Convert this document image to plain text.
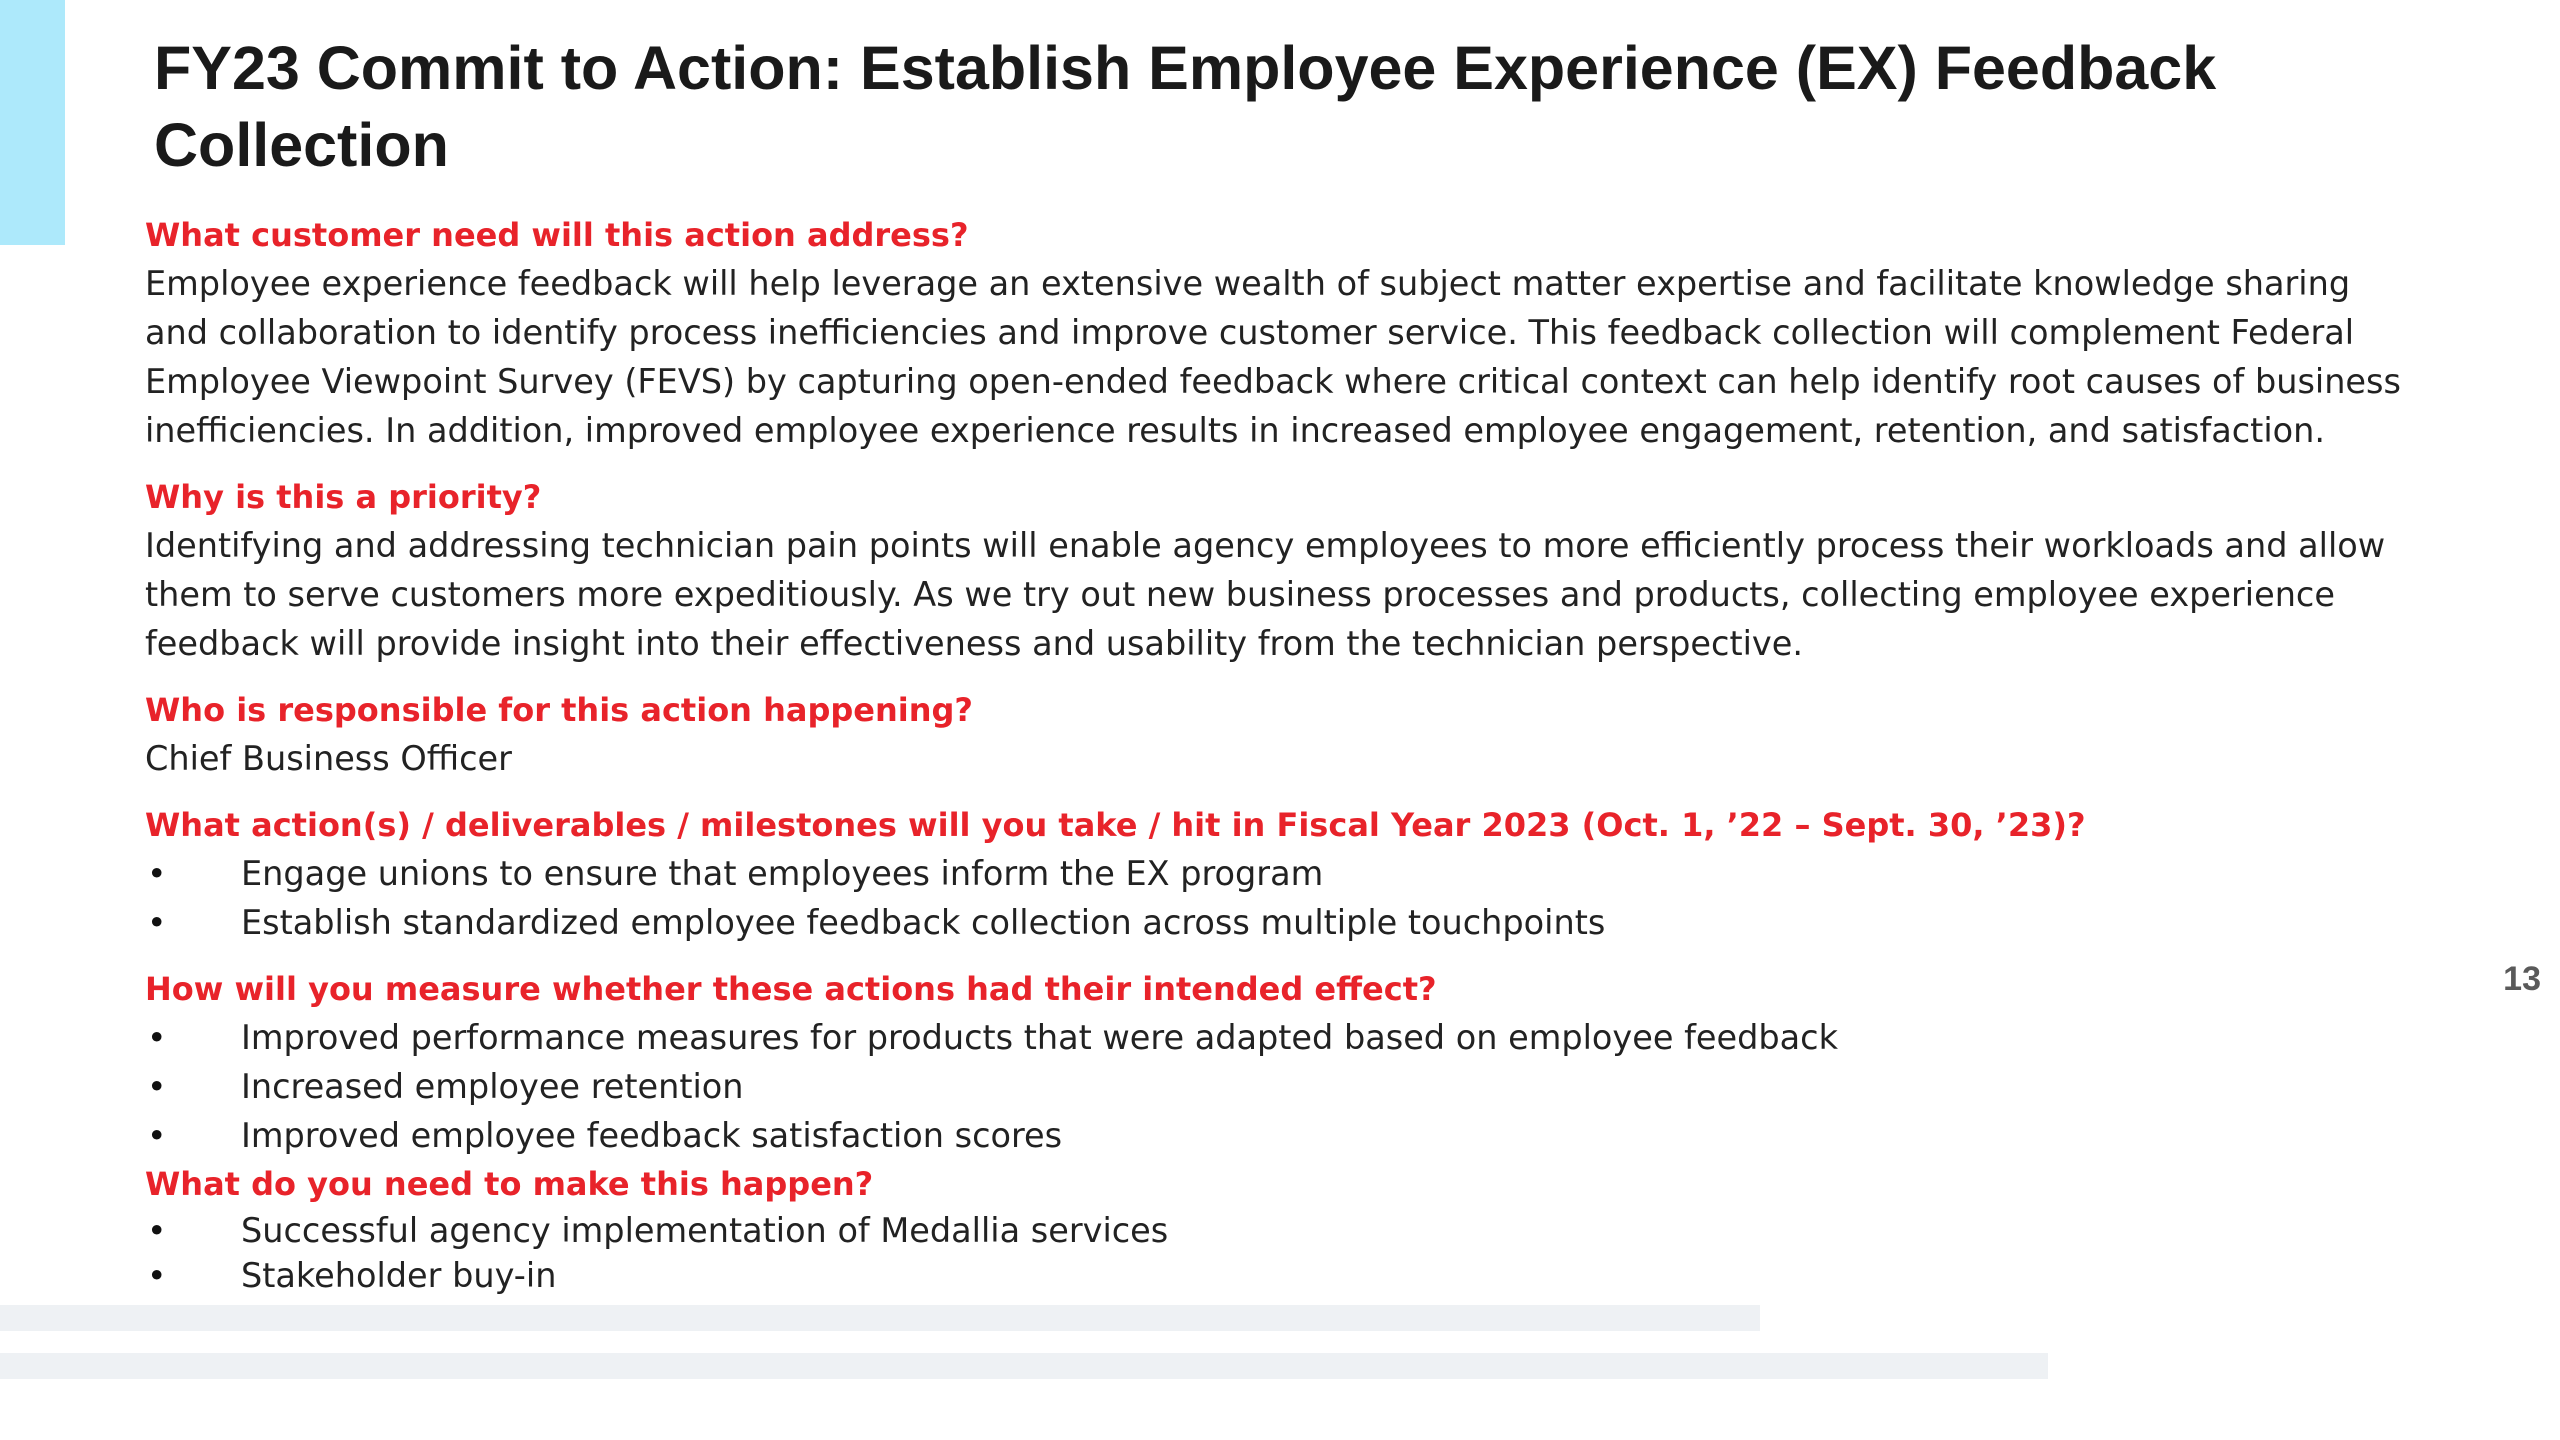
FY23 Commit to Action: Establish Employee Experience (EX) Feedback Collection

What customer need will this action address?

Employee experience feedback will help leverage an extensive wealth of subject matter expertise and facilitate knowledge sharing and collaboration to identify process inefficiencies and improve customer service. This feedback collection will complement Federal Employee Viewpoint Survey (FEVS) by capturing open-ended feedback where critical context can help identify root causes of business inefficiencies. In addition, improved employee experience results in increased employee engagement, retention, and satisfaction.

Why is this a priority?

Identifying and addressing technician pain points will enable agency employees to more efficiently process their workloads and allow them to serve customers more expeditiously. As we try out new business processes and products, collecting employee experience feedback will provide insight into their effectiveness and usability from the technician perspective.

Who is responsible for this action happening?

Chief Business Officer

What action(s) / deliverables / milestones will you take / hit in Fiscal Year 2023 (Oct. 1, ’22 – Sept. 30, ’23)?

• Engage unions to ensure that employees inform the EX program
• Establish standardized employee feedback collection across multiple touchpoints

How will you measure whether these actions had their intended effect?

• Improved performance measures for products that were adapted based on employee feedback
• Increased employee retention
• Improved employee feedback satisfaction scores

What do you need to make this happen?

• Successful agency implementation of Medallia services
• Stakeholder buy-in
13
